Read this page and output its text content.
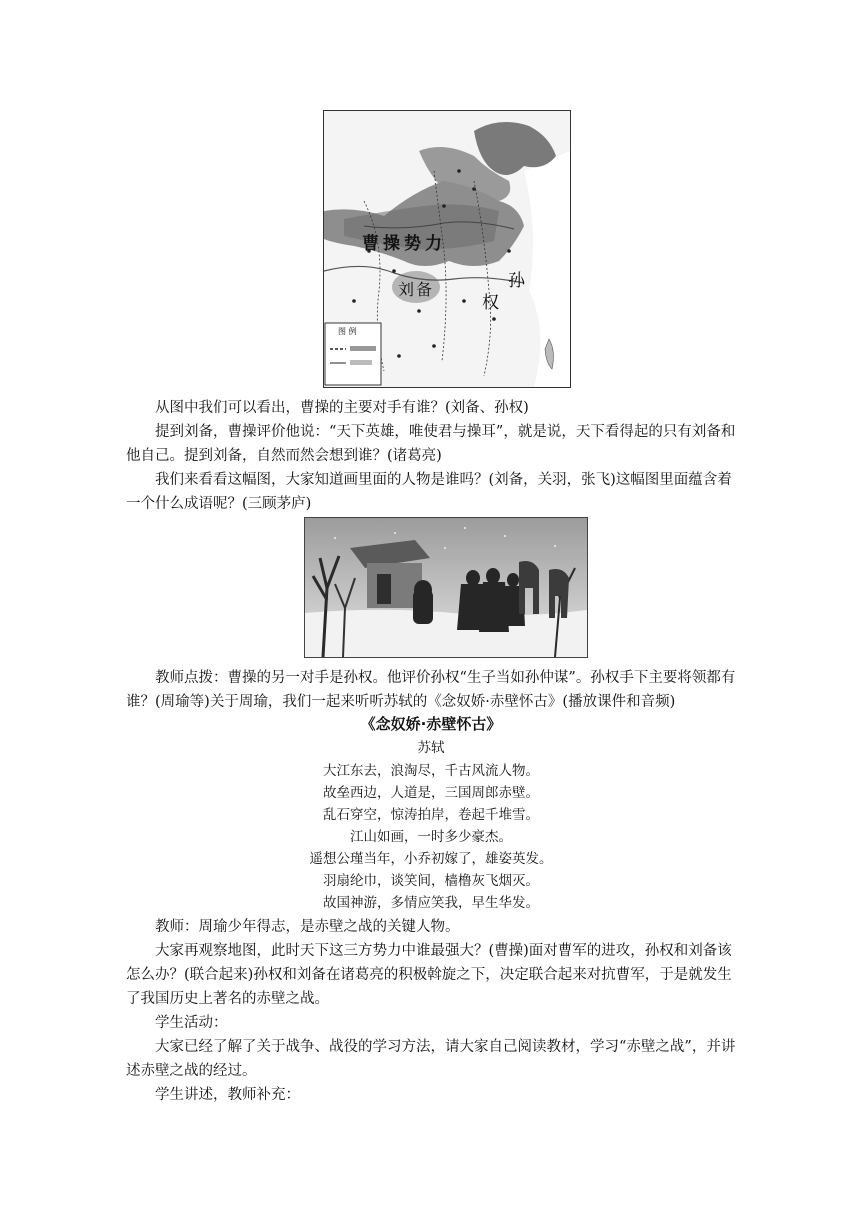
图 例
曹操势力
刘备	孙
权

从图中我们可以看出，曹操的主要对手有谁？(刘备、孙权)

提到刘备，曹操评价他说：“天下英雄，唯使君与操耳”，就是说，天下看得起的只有刘备和他自己。提到刘备，自然而然会想到谁？(诸葛亮)

我们来看看这幅图，大家知道画里面的人物是谁吗？(刘备，关羽，张飞)这幅图里面蕴含着一个什么成语呢？(三顾茅庐)

教师点拨：曹操的另一对手是孙权。他评价孙权“生子当如孙仲谋”。孙权手下主要将领都有谁？(周瑜等)关于周瑜，我们一起来听听苏轼的《念奴娇·赤壁怀古》(播放课件和音频)

《念奴娇·赤壁怀古》

苏轼

大江东去，浪淘尽，千古风流人物。

故垒西边，人道是，三国周郎赤壁。

乱石穿空，惊涛拍岸，卷起千堆雪。

江山如画，一时多少豪杰。

遥想公瑾当年，小乔初嫁了，雄姿英发。

羽扇纶巾，谈笑间，樯橹灰飞烟灭。

故国神游，多情应笑我，早生华发。

教师：周瑜少年得志，是赤壁之战的关键人物。

大家再观察地图，此时天下这三方势力中谁最强大？(曹操)面对曹军的进攻，孙权和刘备该怎么办？(联合起来)孙权和刘备在诸葛亮的积极斡旋之下，决定联合起来对抗曹军，于是就发生了我国历史上著名的赤壁之战。

学生活动：

大家已经了解了关于战争、战役的学习方法，请大家自己阅读教材，学习“赤壁之战”，并讲述赤壁之战的经过。

学生讲述，教师补充：
